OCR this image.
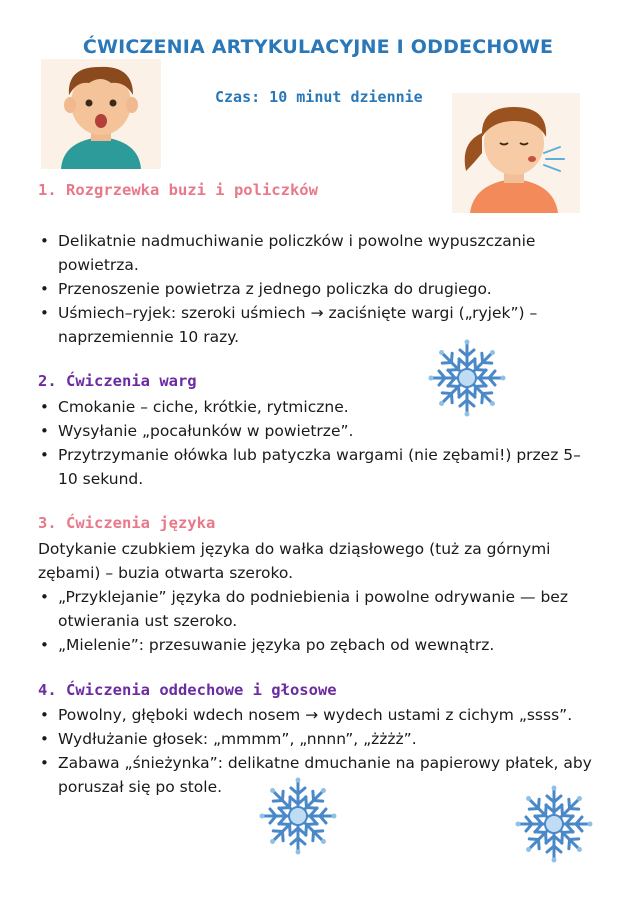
ĆWICZENIA ARTYKULACYJNE I ODDECHOWE
Czas: 10 minut dziennie
1. Rozgrzewka buzi i policzków
• Delikatnie nadmuchiwanie policzków i powolne wypuszczanie powietrza.
• Przenoszenie powietrza z jednego policzka do drugiego.
• Uśmiech–ryjek: szeroki uśmiech → zaciśnięte wargi („ryjek”) – naprzemiennie 10 razy.
2. Ćwiczenia warg
• Cmokanie – ciche, krótkie, rytmiczne.
• Wysyłanie „pocałunków w powietrze”.
• Przytrzymanie ołówka lub patyczka wargami (nie zębami!) przez 5–10 sekund.
3. Ćwiczenia języka

Dotykanie czubkiem języka do wałka dziąsłowego (tuż za górnymi zębami) – buzia otwarta szeroko.

• „Przyklejanie” języka do podniebienia i powolne odrywanie — bez otwierania ust szeroko.
• „Mielenie”: przesuwanie języka po zębach od wewnątrz.
4. Ćwiczenia oddechowe i głosowe
• Powolny, głęboki wdech nosem → wydech ustami z cichym „ssss”.
• Wydłużanie głosek: „mmmm”, „nnnn”, „żżżż”.
• Zabawa „śnieżynka”: delikatne dmuchanie na papierowy płatek, aby poruszał się po stole.
